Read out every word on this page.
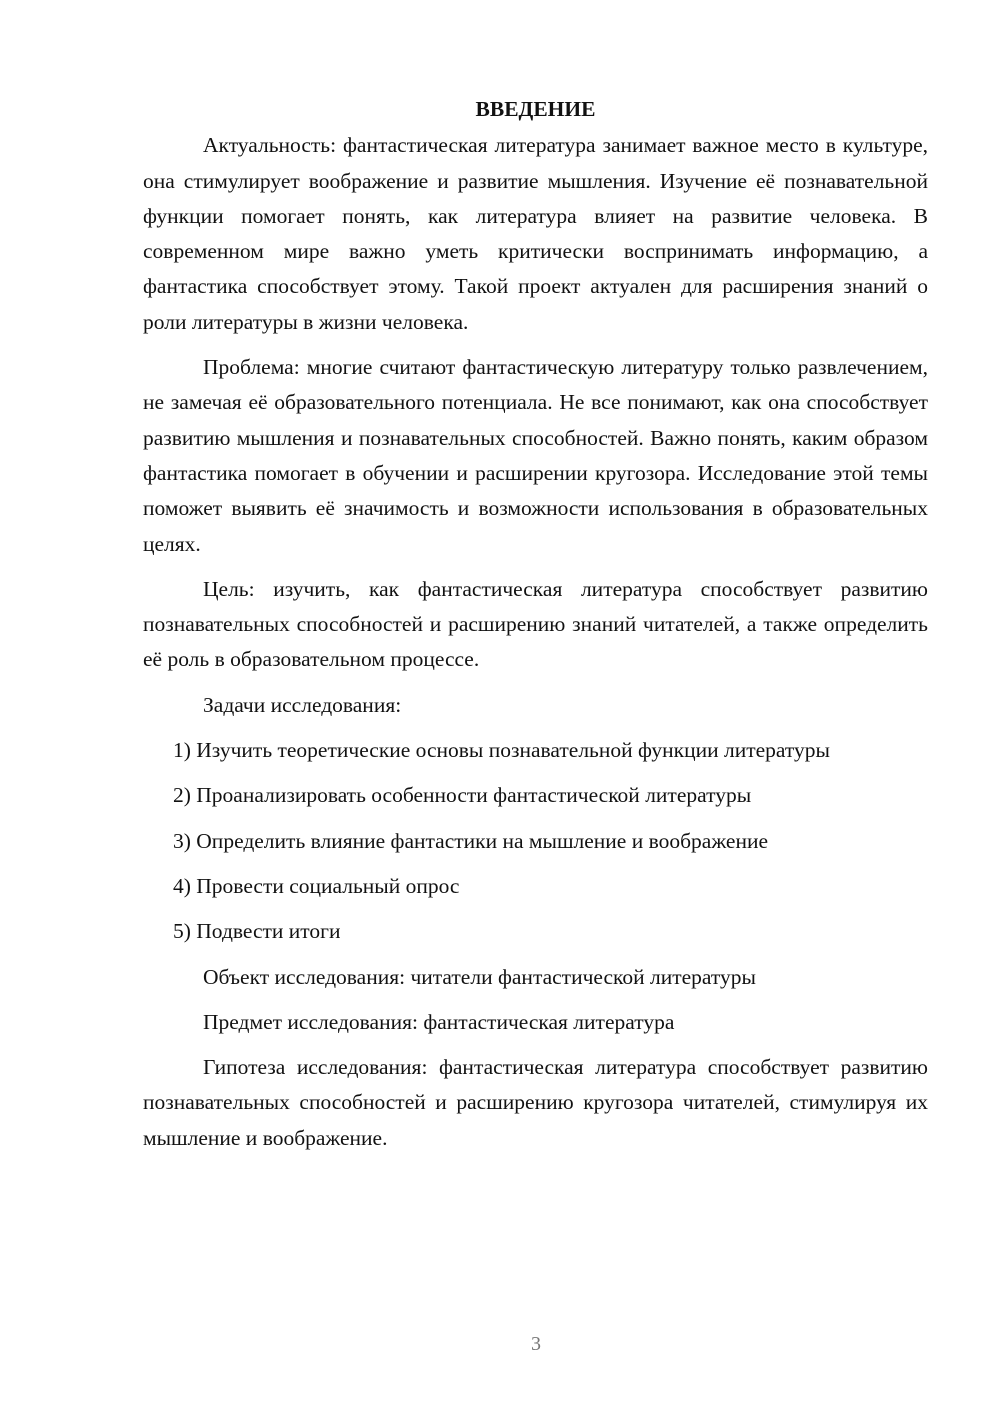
ВВЕДЕНИЕ

Актуальность: фантастическая литература занимает важное место в культуре, она стимулирует воображение и развитие мышления. Изучение её познавательной функции помогает понять, как литература влияет на развитие человека. В современном мире важно уметь критически воспринимать информацию, а фантастика способствует этому. Такой проект актуален для расширения знаний о роли литературы в жизни человека.

Проблема: многие считают фантастическую литературу только развлечением, не замечая её образовательного потенциала. Не все понимают, как она способствует развитию мышления и познавательных способностей. Важно понять, каким образом фантастика помогает в обучении и расширении кругозора. Исследование этой темы поможет выявить её значимость и возможности использования в образовательных целях.

Цель: изучить, как фантастическая литература способствует развитию познавательных способностей и расширению знаний читателей, а также определить её роль в образовательном процессе.

Задачи исследования:

1) Изучить теоретические основы познавательной функции литературы

2) Проанализировать особенности фантастической литературы

3) Определить влияние фантастики на мышление и воображение

4) Провести социальный опрос

5) Подвести итоги

Объект исследования: читатели фантастической литературы

Предмет исследования: фантастическая литература

Гипотеза исследования: фантастическая литература способствует развитию познавательных способностей и расширению кругозора читателей, стимулируя их мышление и воображение.

3
